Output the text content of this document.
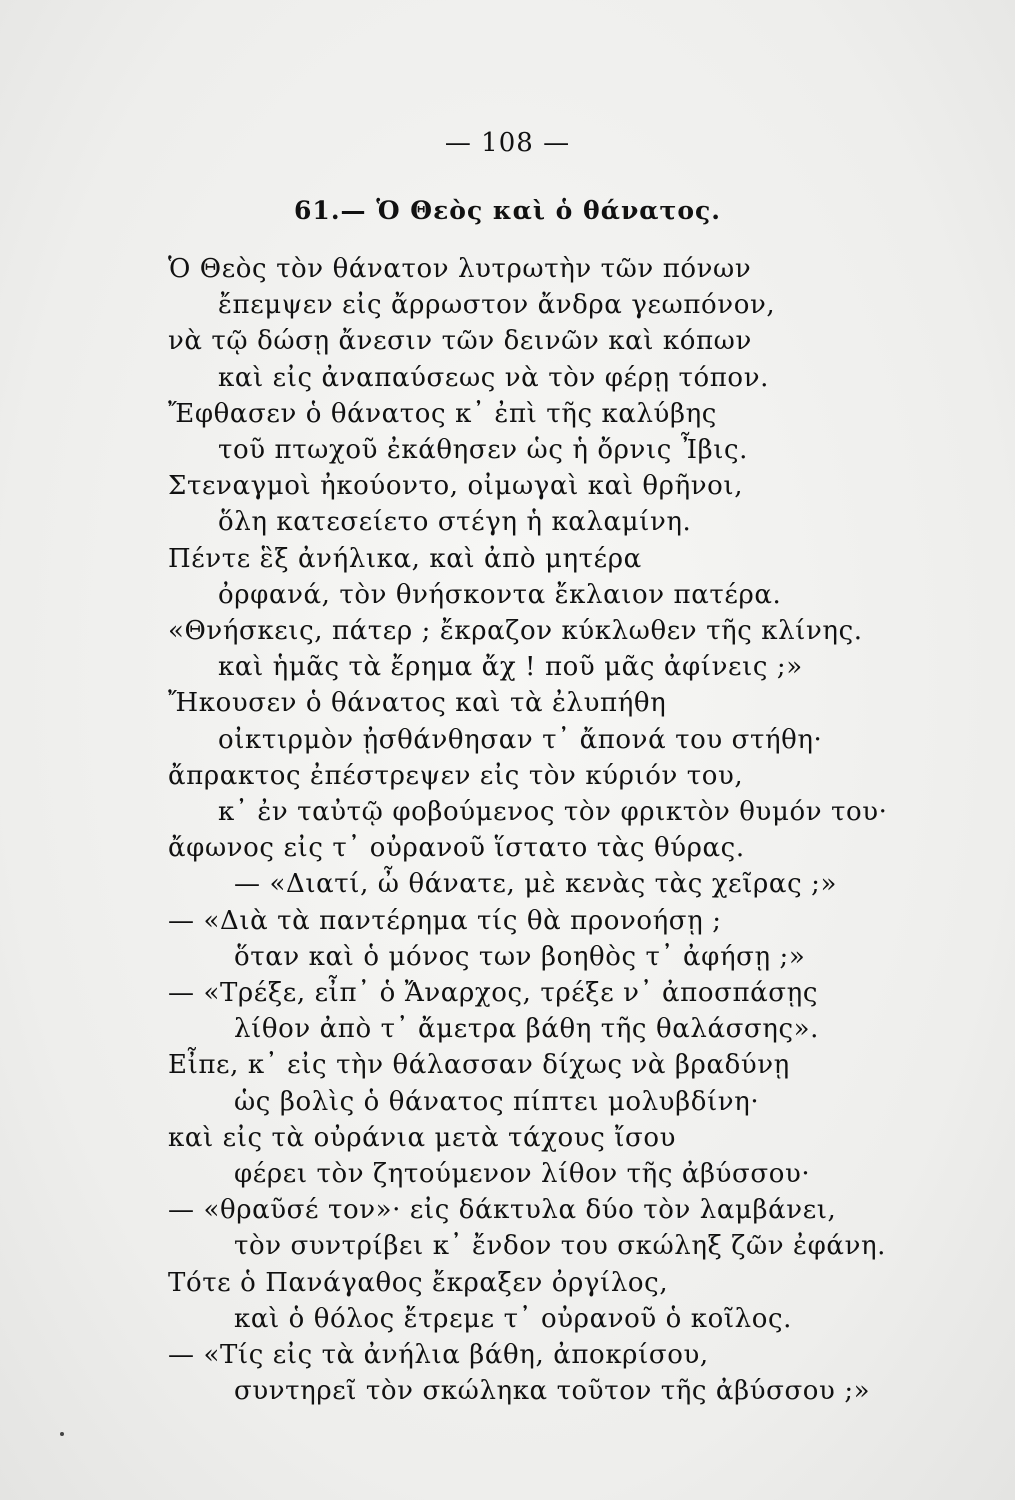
— 108 —
61.— Ὁ Θεὸς καὶ ὁ θάνατος.
Ὁ Θεὸς τὸν θάνατον λυτρωτὴν τῶν πόνων
ἔπεμψεν εἰς ἄρρωστον ἄνδρα γεωπόνον,
νὰ τῷ δώσῃ ἄνεσιν τῶν δεινῶν καὶ κόπων
καὶ εἰς ἀναπαύσεως νὰ τὸν φέρῃ τόπον.
Ἔφθασεν ὁ θάνατος κ᾽ ἐπὶ τῆς καλύβης
τοῦ πτωχοῦ ἐκάθησεν ὡς ἡ ὄρνις Ἶβις.
Στεναγμοὶ ἠκούοντο, οἰμωγαὶ καὶ θρῆνοι,
ὅλη κατεσείετο στέγη ἡ καλαμίνη.
Πέντε ἓξ ἀνήλικα, καὶ ἀπὸ μητέρα
ὀρφανά, τὸν θνήσκοντα ἔκλαιον πατέρα.
«Θνήσκεις, πάτερ ; ἔκραζον κύκλωθεν τῆς κλίνης.
καὶ ἡμᾶς τὰ ἔρημα ἄχ ! ποῦ μᾶς ἀφίνεις ;»
Ἤκουσεν ὁ θάνατος καὶ τὰ ἐλυπήθη
οἰκτιρμὸν ᾐσθάνθησαν τ᾽ ἄπονά του στήθη·
ἄπρακτος ἐπέστρεψεν εἰς τὸν κύριόν του,
κ᾽ ἐν ταὐτῷ φοβούμενος τὸν φρικτὸν θυμόν του·
ἄφωνος εἰς τ᾽ οὐρανοῦ ἵστατο τὰς θύρας.
— «Διατί, ὦ θάνατε, μὲ κενὰς τὰς χεῖρας ;»
— «Διὰ τὰ παντέρημα τίς θὰ προνοήσῃ ;
ὅταν καὶ ὁ μόνος των βοηθὸς τ᾽ ἀφήσῃ ;»
— «Τρέξε, εἶπ᾽ ὁ Ἄναρχος, τρέξε ν᾽ ἀποσπάσῃς
λίθον ἀπὸ τ᾽ ἄμετρα βάθη τῆς θαλάσσης».
Εἶπε, κ᾽ εἰς τὴν θάλασσαν δίχως νὰ βραδύνῃ
ὡς βολὶς ὁ θάνατος πίπτει μολυβδίνη·
καὶ εἰς τὰ οὐράνια μετὰ τάχους ἴσου
φέρει τὸν ζητούμενον λίθον τῆς ἀβύσσου·
— «θραῦσέ τον»· εἰς δάκτυλα δύο τὸν λαμβάνει,
τὸν συντρίβει κ᾽ ἔνδον του σκώληξ ζῶν ἐφάνη.
Τότε ὁ Πανάγαθος ἔκραξεν ὀργίλος,
καὶ ὁ θόλος ἔτρεμε τ᾽ οὐρανοῦ ὁ κοῖλος.
— «Τίς εἰς τὰ ἀνήλια βάθη, ἀποκρίσου,
συντηρεῖ τὸν σκώληκα τοῦτον τῆς ἀβύσσου ;»
